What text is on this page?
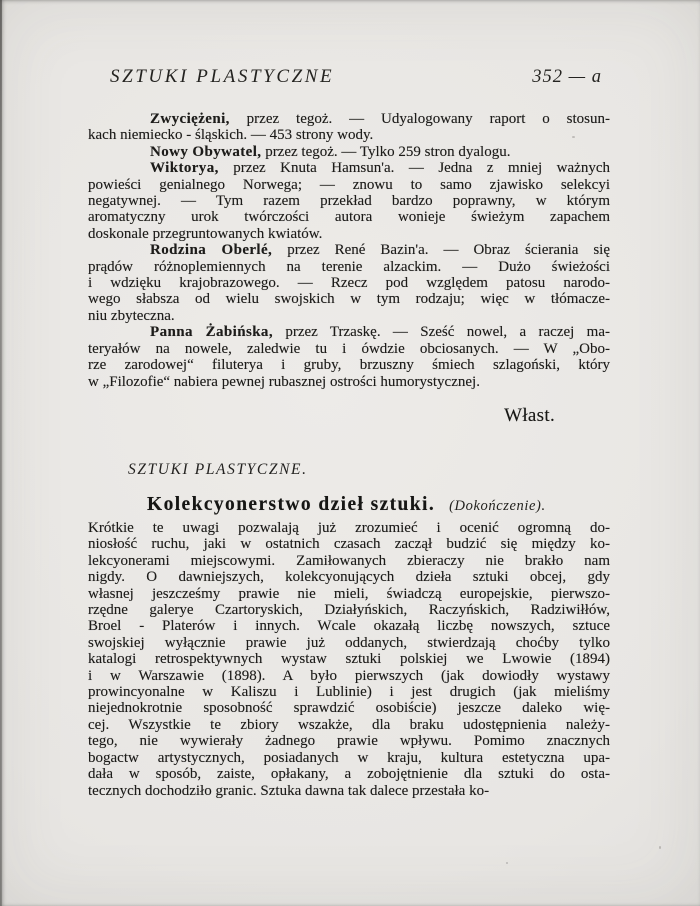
SZTUKI PLASTYCZNE	352 — a
Zwyciężeni, przez tegoż. — Udyalogowany raport o stosun-
kach niemiecko - śląskich. — 453 strony wody.
Nowy Obywatel, przez tegoż. — Tylko 259 stron dyalogu.
Wiktorya, przez Knuta Hamsun'a. — Jedna z mniej ważnych
powieści genialnego Norwega; — znowu to samo zjawisko selekcyi
negatywnej. — Tym razem przekład bardzo poprawny, w którym
aromatyczny urok twórczości autora wonieje świeżym zapachem
doskonale przegruntowanych kwiatów.
Rodzina Oberlé, przez René Bazin'a. — Obraz ścierania się
prądów różnoplemiennych na terenie alzackim. — Dużo świeżości
i wdzięku krajobrazowego. — Rzecz pod względem patosu narodo-
wego słabsza od wielu swojskich w tym rodzaju; więc w tłómacze-
niu zbyteczna.
Panna Żabińska, przez Trzaskę. — Sześć nowel, a raczej ma-
teryałów na nowele, zaledwie tu i ówdzie obciosanych. — W „Obo-
rze zarodowej“ filuterya i gruby, brzuszny śmiech szlagoński, który
w „Filozofie“ nabiera pewnej rubasznej ostrości humorystycznej.
Włast.
SZTUKI PLASTYCZNE.
Kolekcyonerstwo dzieł sztuki. (Dokończenie).
Krótkie te uwagi pozwalają już zrozumieć i ocenić ogromną do-
niosłość ruchu, jaki w ostatnich czasach zaczął budzić się między ko-
lekcyonerami miejscowymi. Zamiłowanych zbieraczy nie brakło nam
nigdy. O dawniejszych, kolekcyonujących dzieła sztuki obcej, gdy
własnej jeszcześmy prawie nie mieli, świadczą europejskie, pierwszo-
rzędne galerye Czartoryskich, Działyńskich, Raczyńskich, Radziwiłłów,
Broel - Platerów i innych. Wcale okazałą liczbę nowszych, sztuce
swojskiej wyłącznie prawie już oddanych, stwierdzają choćby tylko
katalogi retrospektywnych wystaw sztuki polskiej we Lwowie (1894)
i w Warszawie (1898). A było pierwszych (jak dowiodły wystawy
prowincyonalne w Kaliszu i Lublinie) i jest drugich (jak mieliśmy
niejednokrotnie sposobność sprawdzić osobiście) jeszcze daleko wię-
cej. Wszystkie te zbiory wszakże, dla braku udostępnienia należy-
tego, nie wywierały żadnego prawie wpływu. Pomimo znacznych
bogactw artystycznych, posiadanych w kraju, kultura estetyczna upa-
dała w sposób, zaiste, opłakany, a zobojętnienie dla sztuki do osta-
tecznych dochodziło granic. Sztuka dawna tak dalece przestała ko-
